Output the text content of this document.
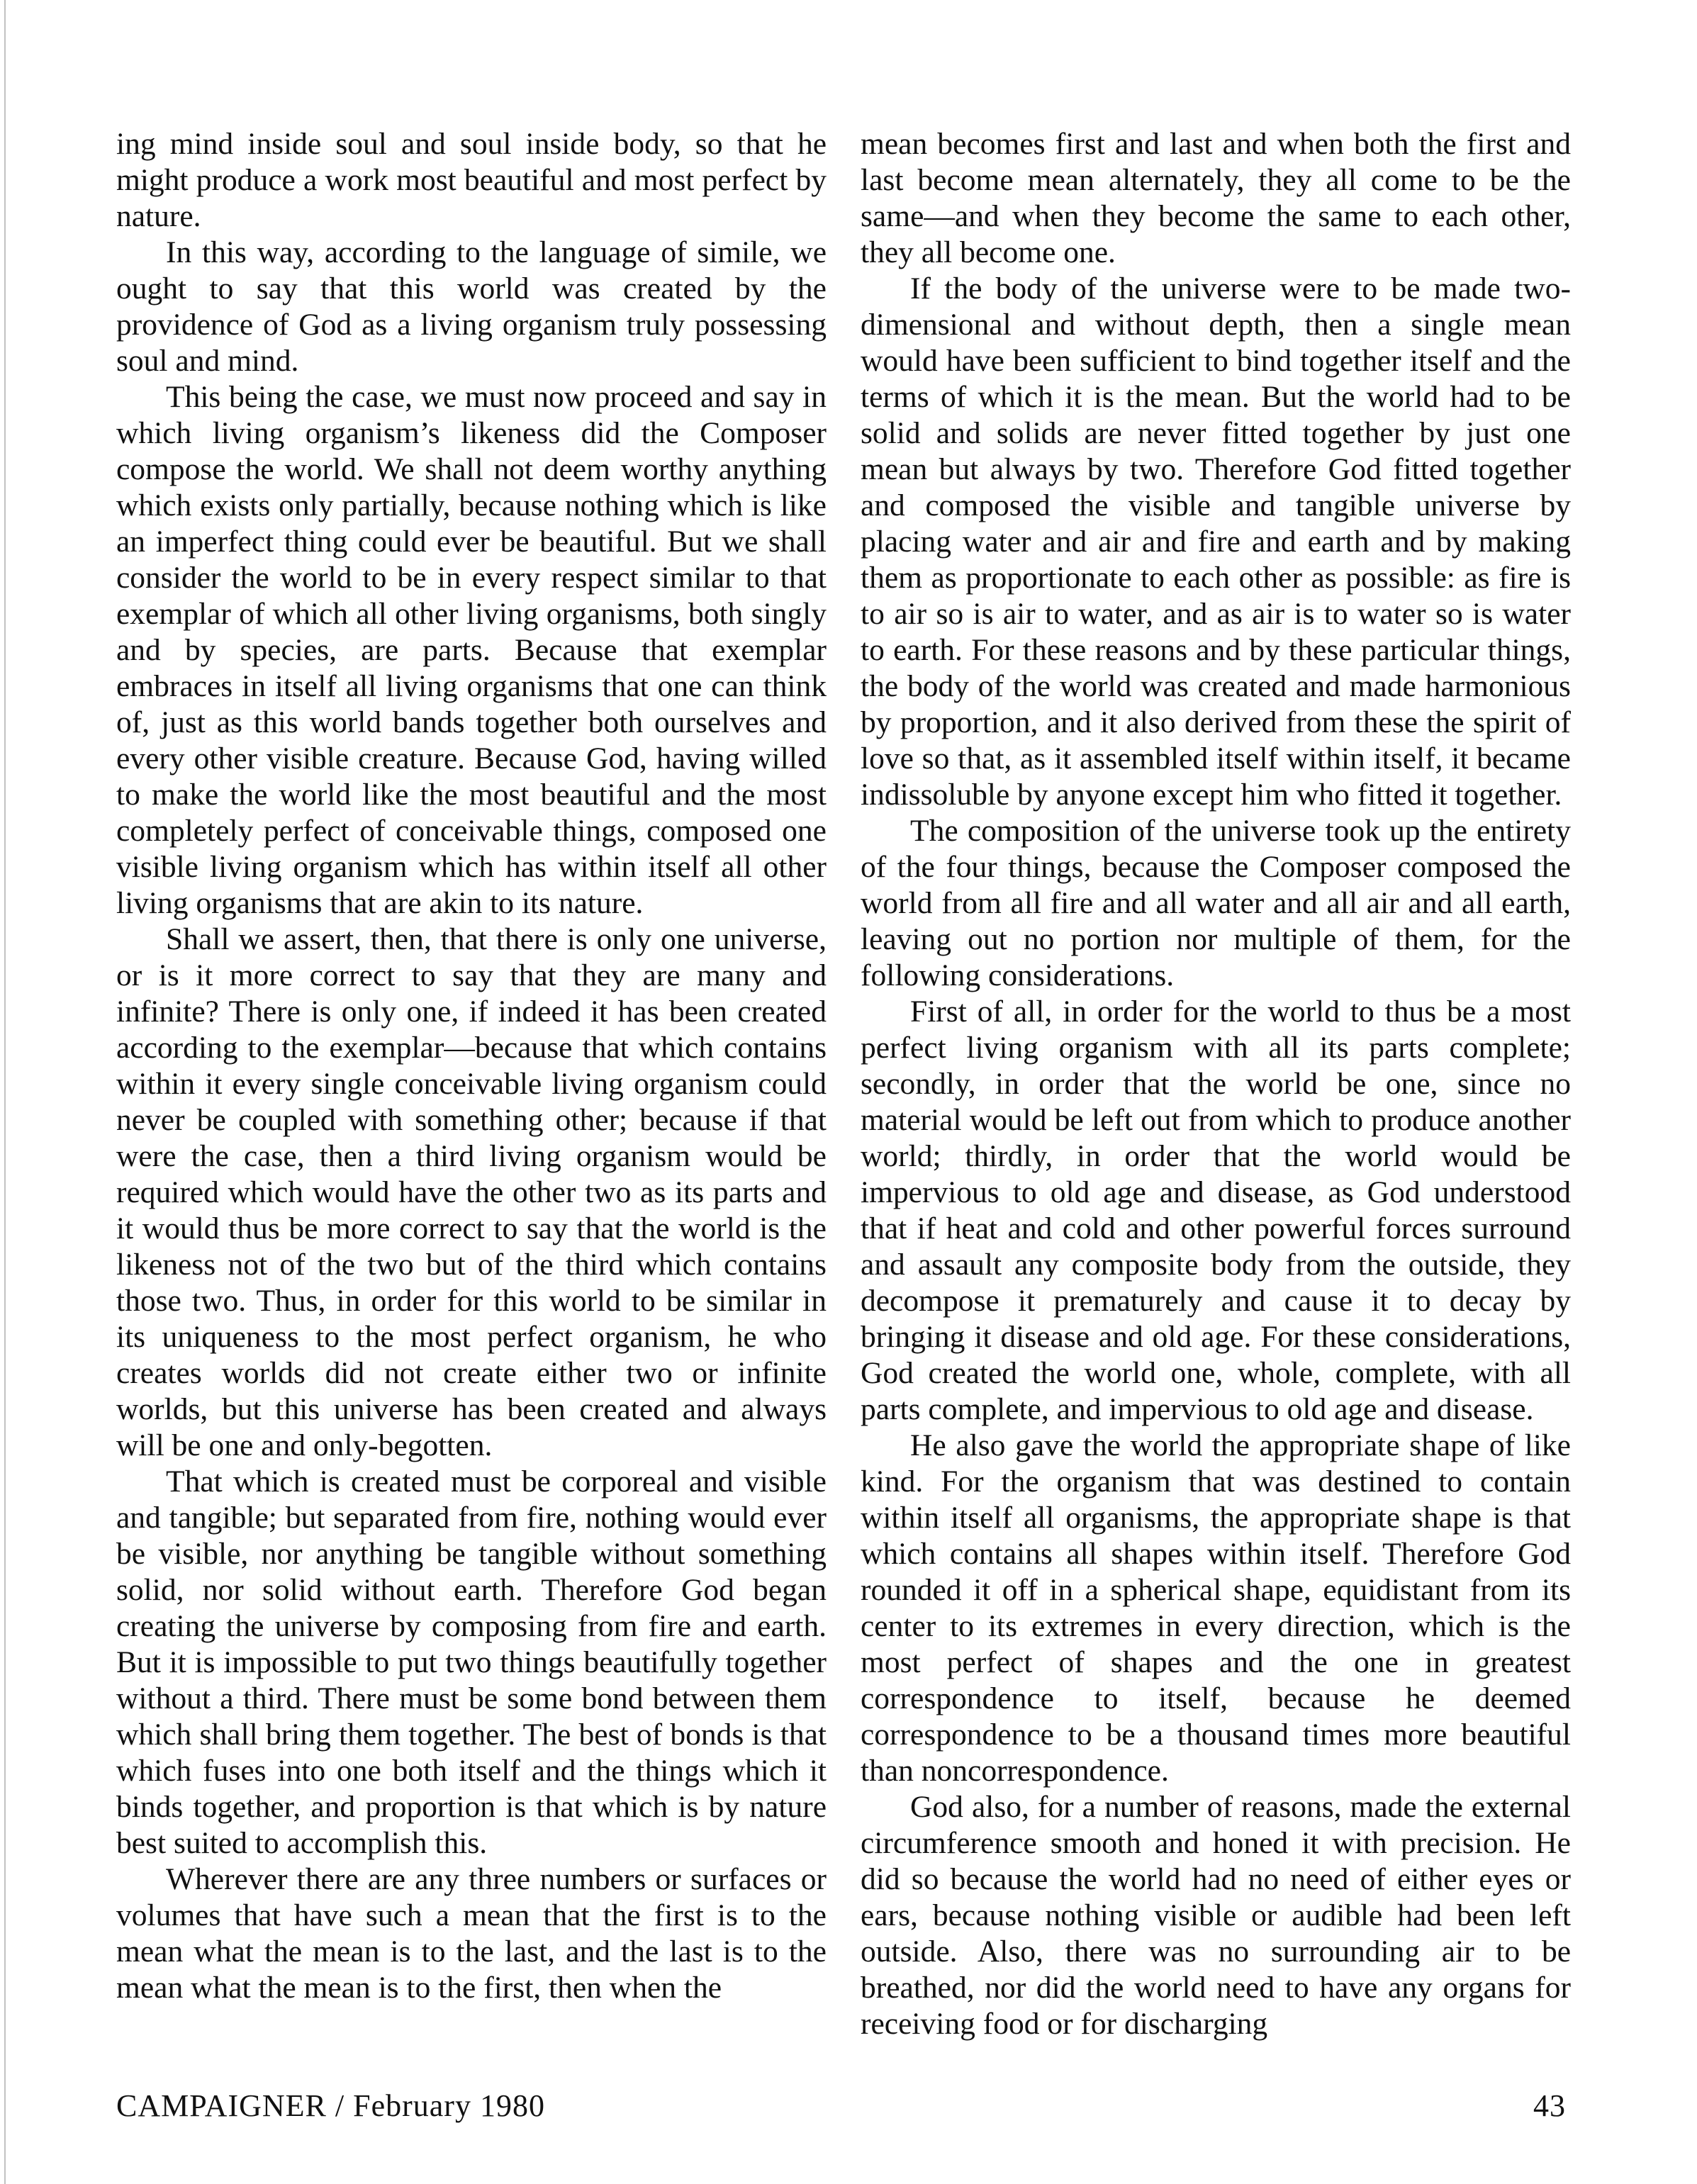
ing mind inside soul and soul inside body, so that he might produce a work most beautiful and most perfect by nature.

In this way, according to the language of simile, we ought to say that this world was created by the providence of God as a living organism truly possessing soul and mind.

This being the case, we must now proceed and say in which living organism’s likeness did the Composer compose the world. We shall not deem worthy anything which exists only partially, because nothing which is like an imperfect thing could ever be beautiful. But we shall consider the world to be in every respect similar to that exemplar of which all other living organisms, both singly and by species, are parts. Because that exemplar embraces in itself all living organisms that one can think of, just as this world bands together both ourselves and every other visible creature. Because God, having willed to make the world like the most beautiful and the most completely perfect of conceivable things, composed one visible living organism which has within itself all other living organisms that are akin to its nature.

Shall we assert, then, that there is only one universe, or is it more correct to say that they are many and infinite? There is only one, if indeed it has been created according to the exemplar—because that which contains within it every single conceivable living organism could never be coupled with something other; because if that were the case, then a third living organism would be required which would have the other two as its parts and it would thus be more correct to say that the world is the likeness not of the two but of the third which contains those two. Thus, in order for this world to be similar in its uniqueness to the most perfect organism, he who creates worlds did not create either two or infinite worlds, but this universe has been created and always will be one and only-begotten.

That which is created must be corporeal and visible and tangible; but separated from fire, nothing would ever be visible, nor anything be tangible without something solid, nor solid without earth. Therefore God began creating the universe by composing from fire and earth. But it is impossible to put two things beautifully together without a third. There must be some bond between them which shall bring them together. The best of bonds is that which fuses into one both itself and the things which it binds together, and proportion is that which is by nature best suited to accomplish this.

Wherever there are any three numbers or surfaces or volumes that have such a mean that the first is to the mean what the mean is to the last, and the last is to the mean what the mean is to the first, then when the

mean becomes first and last and when both the first and last become mean alternately, they all come to be the same—and when they become the same to each other, they all become one.

If the body of the universe were to be made two-dimensional and without depth, then a single mean would have been sufficient to bind together itself and the terms of which it is the mean. But the world had to be solid and solids are never fitted together by just one mean but always by two. Therefore God fitted together and composed the visible and tangible universe by placing water and air and fire and earth and by making them as proportionate to each other as possible: as fire is to air so is air to water, and as air is to water so is water to earth. For these reasons and by these particular things, the body of the world was created and made harmonious by proportion, and it also derived from these the spirit of love so that, as it assembled itself within itself, it became indissoluble by anyone except him who fitted it together.

The composition of the universe took up the entirety of the four things, because the Composer composed the world from all fire and all water and all air and all earth, leaving out no portion nor multiple of them, for the following considerations.

First of all, in order for the world to thus be a most perfect living organism with all its parts complete; secondly, in order that the world be one, since no material would be left out from which to produce another world; thirdly, in order that the world would be impervious to old age and disease, as God understood that if heat and cold and other powerful forces surround and assault any composite body from the outside, they decompose it prematurely and cause it to decay by bringing it disease and old age. For these considerations, God created the world one, whole, complete, with all parts complete, and impervious to old age and disease.

He also gave the world the appropriate shape of like kind. For the organism that was destined to contain within itself all organisms, the appropriate shape is that which contains all shapes within itself. Therefore God rounded it off in a spherical shape, equidistant from its center to its extremes in every direction, which is the most perfect of shapes and the one in greatest correspondence to itself, because he deemed correspondence to be a thousand times more beautiful than noncorrespondence.

God also, for a number of reasons, made the external circumference smooth and honed it with precision. He did so because the world had no need of either eyes or ears, because nothing visible or audible had been left outside. Also, there was no surrounding air to be breathed, nor did the world need to have any organs for receiving food or for discharging

CAMPAIGNER / February 1980	43
